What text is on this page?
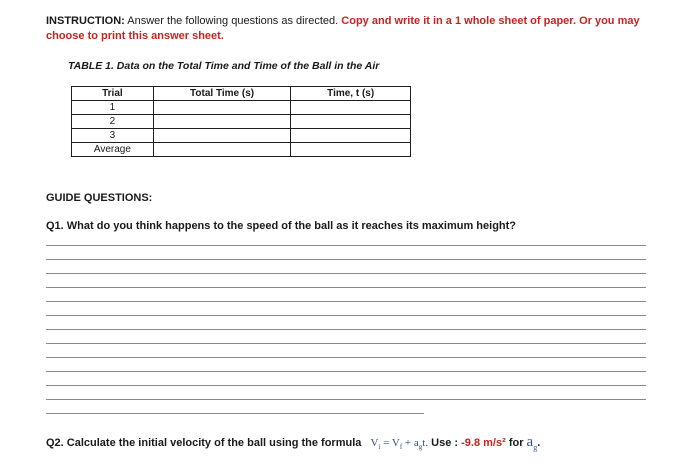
INSTRUCTION: Answer the following questions as directed. Copy and write it in a 1 whole sheet of paper. Or you may choose to print this answer sheet.

TABLE 1. Data on the Total Time and Time of the Ball in the Air
Trial	Total Time (s)	Time, t (s)
1		
2		
3		
Average		
GUIDE QUESTIONS:
Q1. What do you think happens to the speed of the ball as it reaches its maximum height?
Q2. Calculate the initial velocity of the ball using the formula $V_i = V_f + a_gt$. Use : -9.8 m/s² for $a_g$.
